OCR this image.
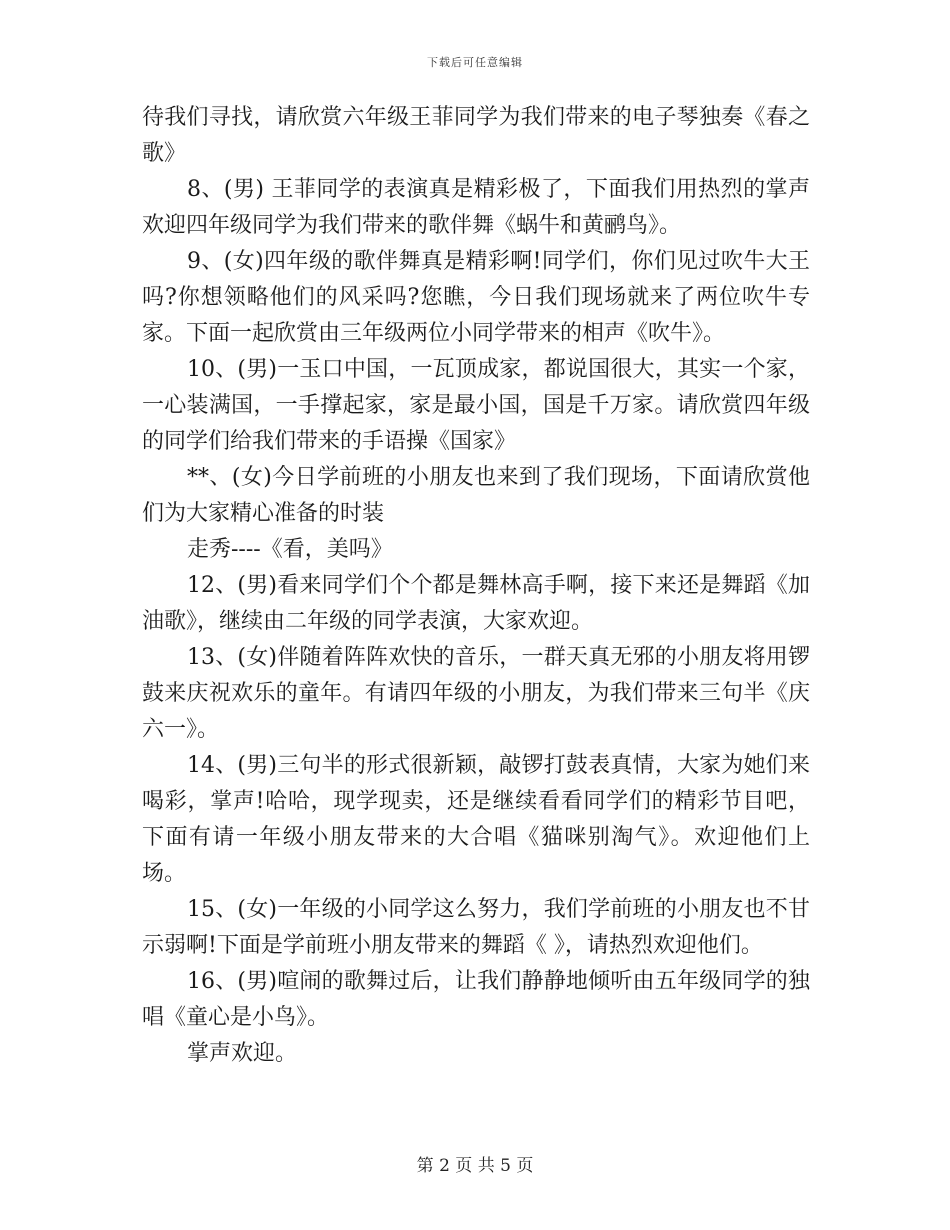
下载后可任意编辑

待我们寻找，请欣赏六年级王菲同学为我们带来的电子琴独奏《春之歌》

8、(男) 王菲同学的表演真是精彩极了，下面我们用热烈的掌声欢迎四年级同学为我们带来的歌伴舞《蜗牛和黄鹂鸟》。

9、(女)四年级的歌伴舞真是精彩啊!同学们，你们见过吹牛大王吗?你想领略他们的风采吗?您瞧，今日我们现场就来了两位吹牛专家。下面一起欣赏由三年级两位小同学带来的相声《吹牛》。

10、(男)一玉口中国，一瓦顶成家，都说国很大，其实一个家，一心装满国，一手撑起家，家是最小国，国是千万家。请欣赏四年级的同学们给我们带来的手语操《国家》

**、(女)今日学前班的小朋友也来到了我们现场，下面请欣赏他们为大家精心准备的时装

走秀----《看，美吗》

12、(男)看来同学们个个都是舞林高手啊，接下来还是舞蹈《加油歌》，继续由二年级的同学表演，大家欢迎。

13、(女)伴随着阵阵欢快的音乐，一群天真无邪的小朋友将用锣鼓来庆祝欢乐的童年。有请四年级的小朋友，为我们带来三句半《庆六一》。

14、(男)三句半的形式很新颖，敲锣打鼓表真情，大家为她们来喝彩，掌声!哈哈，现学现卖，还是继续看看同学们的精彩节目吧，下面有请一年级小朋友带来的大合唱《猫咪别淘气》。欢迎他们上场。

15、(女)一年级的小同学这么努力，我们学前班的小朋友也不甘示弱啊!下面是学前班小朋友带来的舞蹈《 》，请热烈欢迎他们。

16、(男)喧闹的歌舞过后，让我们静静地倾听由五年级同学的独唱《童心是小鸟》。

掌声欢迎。

第 2 页 共 5 页
